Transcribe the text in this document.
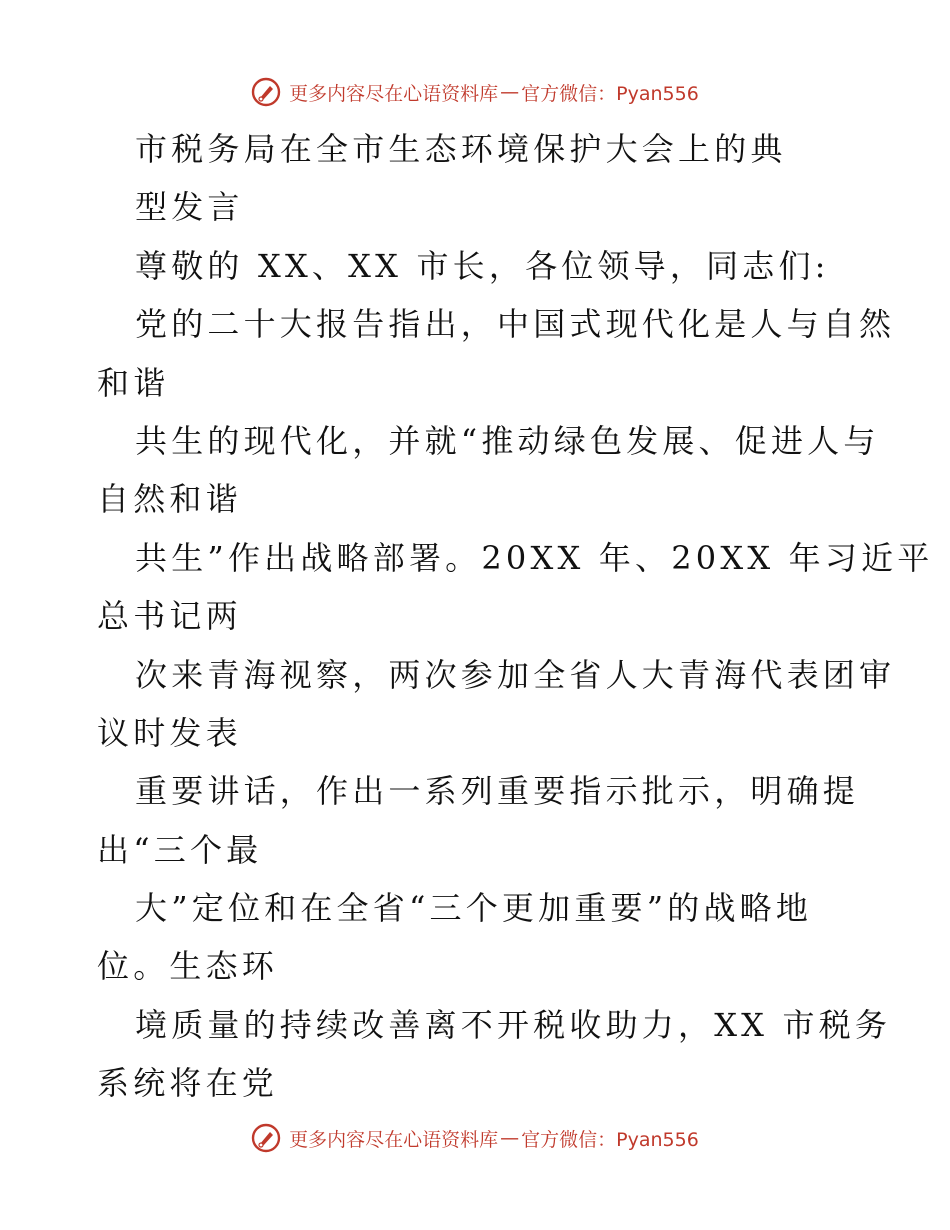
更多内容尽在心语资料库 — 官方微信：Pyan556
市税务局在全市生态环境保护大会上的典
型发言
尊敬的 XX、XX 市长，各位领导，同志们:
党的二十大报告指出，中国式现代化是人与自然
和谐
共生的现代化，并就“推动绿色发展、促进人与
自然和谐
共生”作出战略部署。20XX 年、20XX 年习近平
总书记两
次来青海视察，两次参加全省人大青海代表团审
议时发表
重要讲话，作出一系列重要指示批示，明确提
出“三个最
大”定位和在全省“三个更加重要”的战略地
位。生态环
境质量的持续改善离不开税收助力，XX 市税务
系统将在党
更多内容尽在心语资料库 — 官方微信：Pyan556
